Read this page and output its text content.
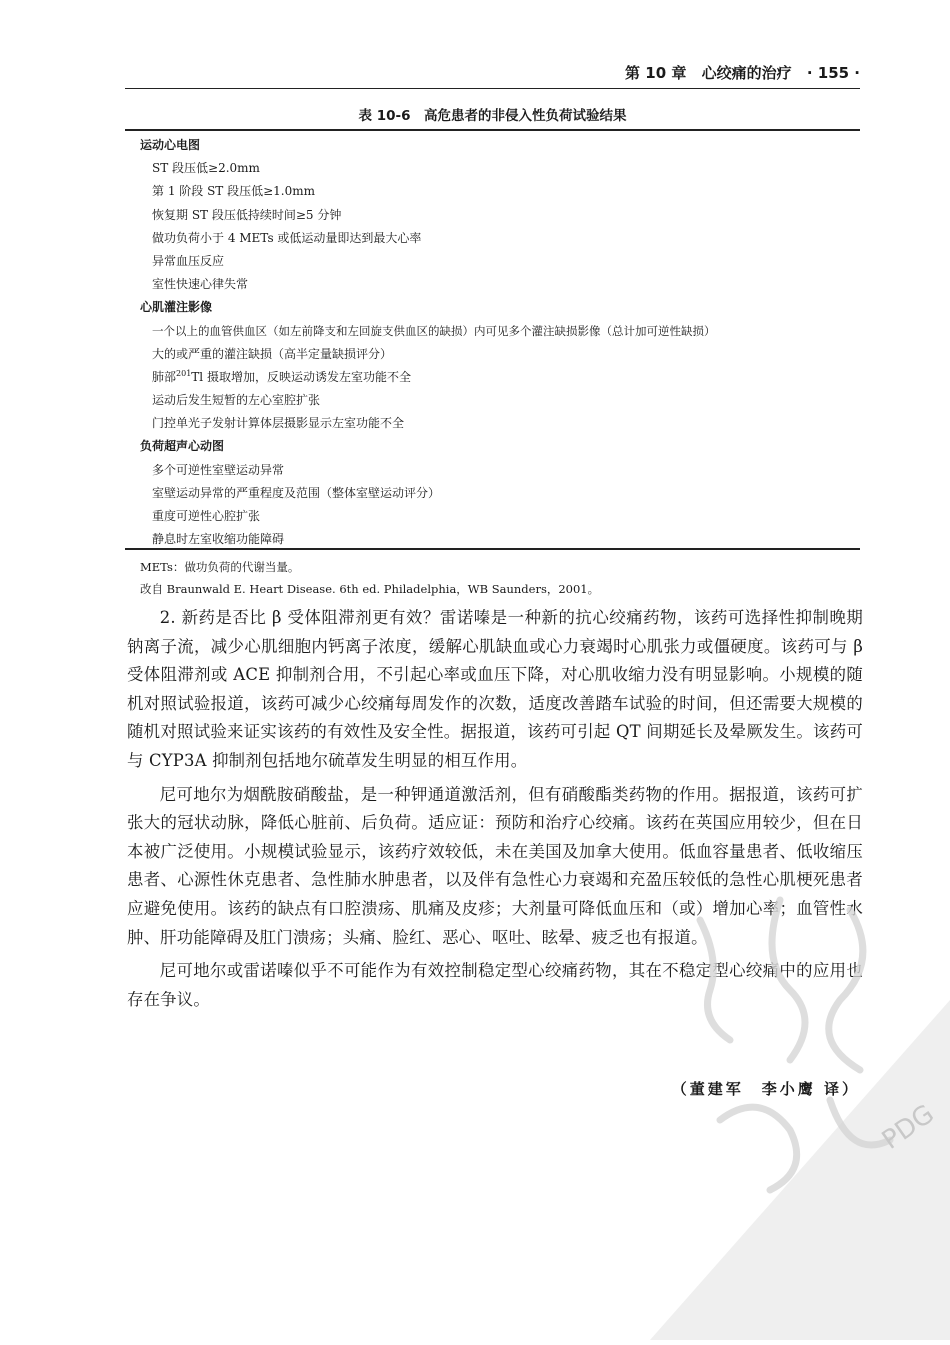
第 10 章 心绞痛的治疗 · 155 ·
表 10-6　高危患者的非侵入性负荷试验结果
运动心电图
ST 段压低≥2.0mm
第 1 阶段 ST 段压低≥1.0mm
恢复期 ST 段压低持续时间≥5 分钟
做功负荷小于 4 METs 或低运动量即达到最大心率
异常血压反应
室性快速心律失常
心肌灌注影像
一个以上的血管供血区（如左前降支和左回旋支供血区的缺损）内可见多个灌注缺损影像（总计加可逆性缺损）
大的或严重的灌注缺损（高半定量缺损评分）
肺部$^{201}$Tl 摄取增加，反映运动诱发左室功能不全
运动后发生短暂的左心室腔扩张
门控单光子发射计算体层摄影显示左室功能不全
负荷超声心动图
多个可逆性室壁运动异常
室壁运动异常的严重程度及范围（整体室壁运动评分）
重度可逆性心腔扩张
静息时左室收缩功能障碍
METs：做功负荷的代谢当量。
改自 Braunwald E. Heart Disease. 6th ed. Philadelphia，WB Saunders，2001。

2. 新药是否比 β 受体阻滞剂更有效？雷诺嗪是一种新的抗心绞痛药物，该药可选择性抑制晚期钠离子流，减少心肌细胞内钙离子浓度，缓解心肌缺血或心力衰竭时心肌张力或僵硬度。该药可与 β 受体阻滞剂或 ACE 抑制剂合用，不引起心率或血压下降，对心肌收缩力没有明显影响。小规模的随机对照试验报道，该药可减少心绞痛每周发作的次数，适度改善踏车试验的时间，但还需要大规模的随机对照试验来证实该药的有效性及安全性。据报道，该药可引起 QT 间期延长及晕厥发生。该药可与 CYP3A 抑制剂包括地尔硫䓬发生明显的相互作用。

尼可地尔为烟酰胺硝酸盐，是一种钾通道激活剂，但有硝酸酯类药物的作用。据报道，该药可扩张大的冠状动脉，降低心脏前、后负荷。适应证：预防和治疗心绞痛。该药在英国应用较少，但在日本被广泛使用。小规模试验显示，该药疗效较低，未在美国及加拿大使用。低血容量患者、低收缩压患者、心源性休克患者、急性肺水肿患者，以及伴有急性心力衰竭和充盈压较低的急性心肌梗死患者应避免使用。该药的缺点有口腔溃疡、肌痛及皮疹；大剂量可降低血压和（或）增加心率；血管性水肿、肝功能障碍及肛门溃疡；头痛、脸红、恶心、呕吐、眩晕、疲乏也有报道。

尼可地尔或雷诺嗪似乎不可能作为有效控制稳定型心绞痛药物，其在不稳定型心绞痛中的应用也存在争议。

（董建军　李小鹰 译）
PDG
